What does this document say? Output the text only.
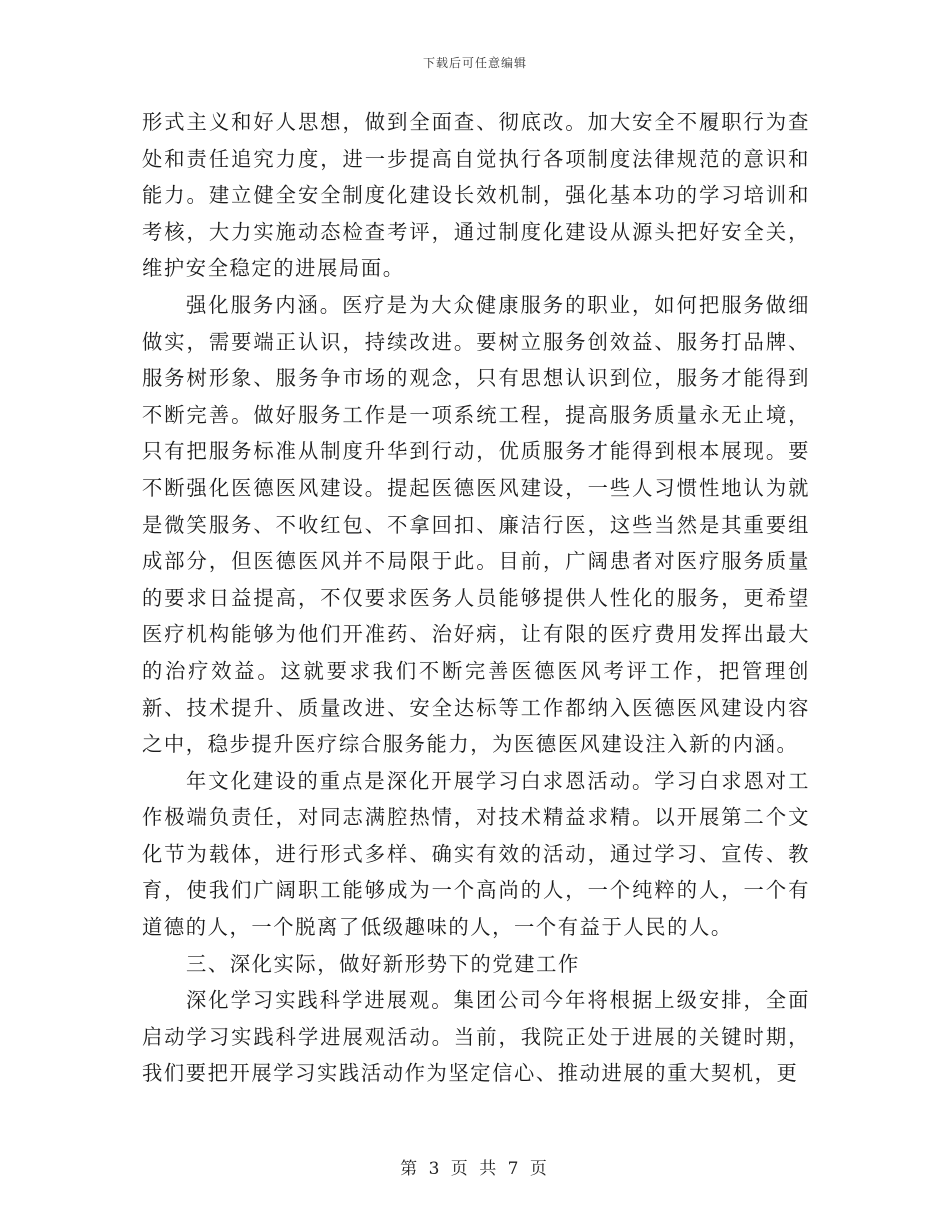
下载后可任意编辑

形式主义和好人思想，做到全面查、彻底改。加大安全不履职行为查处和责任追究力度，进一步提高自觉执行各项制度法律规范的意识和能力。建立健全安全制度化建设长效机制，强化基本功的学习培训和考核，大力实施动态检查考评，通过制度化建设从源头把好安全关，维护安全稳定的进展局面。

强化服务内涵。医疗是为大众健康服务的职业，如何把服务做细做实，需要端正认识，持续改进。要树立服务创效益、服务打品牌、服务树形象、服务争市场的观念，只有思想认识到位，服务才能得到不断完善。做好服务工作是一项系统工程，提高服务质量永无止境，只有把服务标准从制度升华到行动，优质服务才能得到根本展现。要不断强化医德医风建设。提起医德医风建设，一些人习惯性地认为就是微笑服务、不收红包、不拿回扣、廉洁行医，这些当然是其重要组成部分，但医德医风并不局限于此。目前，广阔患者对医疗服务质量的要求日益提高，不仅要求医务人员能够提供人性化的服务，更希望医疗机构能够为他们开准药、治好病，让有限的医疗费用发挥出最大的治疗效益。这就要求我们不断完善医德医风考评工作，把管理创新、技术提升、质量改进、安全达标等工作都纳入医德医风建设内容之中，稳步提升医疗综合服务能力，为医德医风建设注入新的内涵。

年文化建设的重点是深化开展学习白求恩活动。学习白求恩对工作极端负责任，对同志满腔热情，对技术精益求精。以开展第二个文化节为载体，进行形式多样、确实有效的活动，通过学习、宣传、教育，使我们广阔职工能够成为一个高尚的人，一个纯粹的人，一个有道德的人，一个脱离了低级趣味的人，一个有益于人民的人。

三、深化实际，做好新形势下的党建工作

深化学习实践科学进展观。集团公司今年将根据上级安排，全面启动学习实践科学进展观活动。当前，我院正处于进展的关键时期，我们要把开展学习实践活动作为坚定信心、推动进展的重大契机，更

第 3 页 共 7 页
